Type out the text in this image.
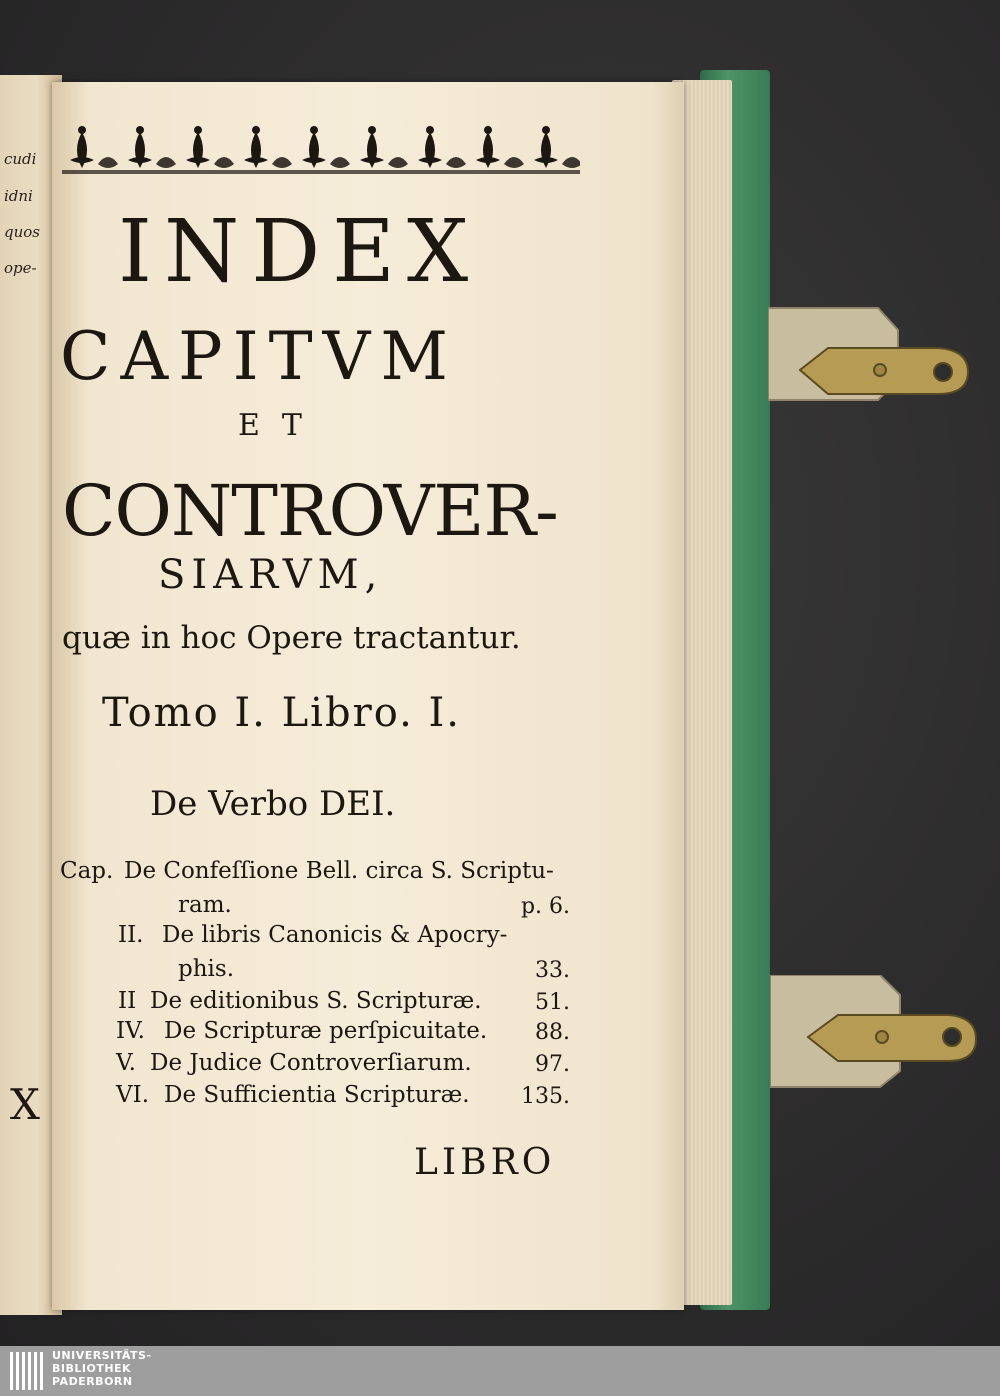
cudi
idni
quos
ope-
X
INDEX
CAPITVM
ET
CONTROVER-
SIARVM,
quæ in hoc Opere tractantur.
Tomo I. Libro. I.
De Verbo DEI.
Cap. De Confeſſione Bell. circa S. Scriptu-
ram.	p. 6.
II. De libris Canonicis & Apocry-
phis.	33.
II De editionibus S. Scripturæ.	51.
IV. De Scripturæ perſpicuitate.	88.
V. De Judice Controverſiarum.	97.
VI. De Sufficientia Scripturæ.	135.
LIBRO
UNIVERSITÄTS-
BIBLIOTHEK
PADERBORN
